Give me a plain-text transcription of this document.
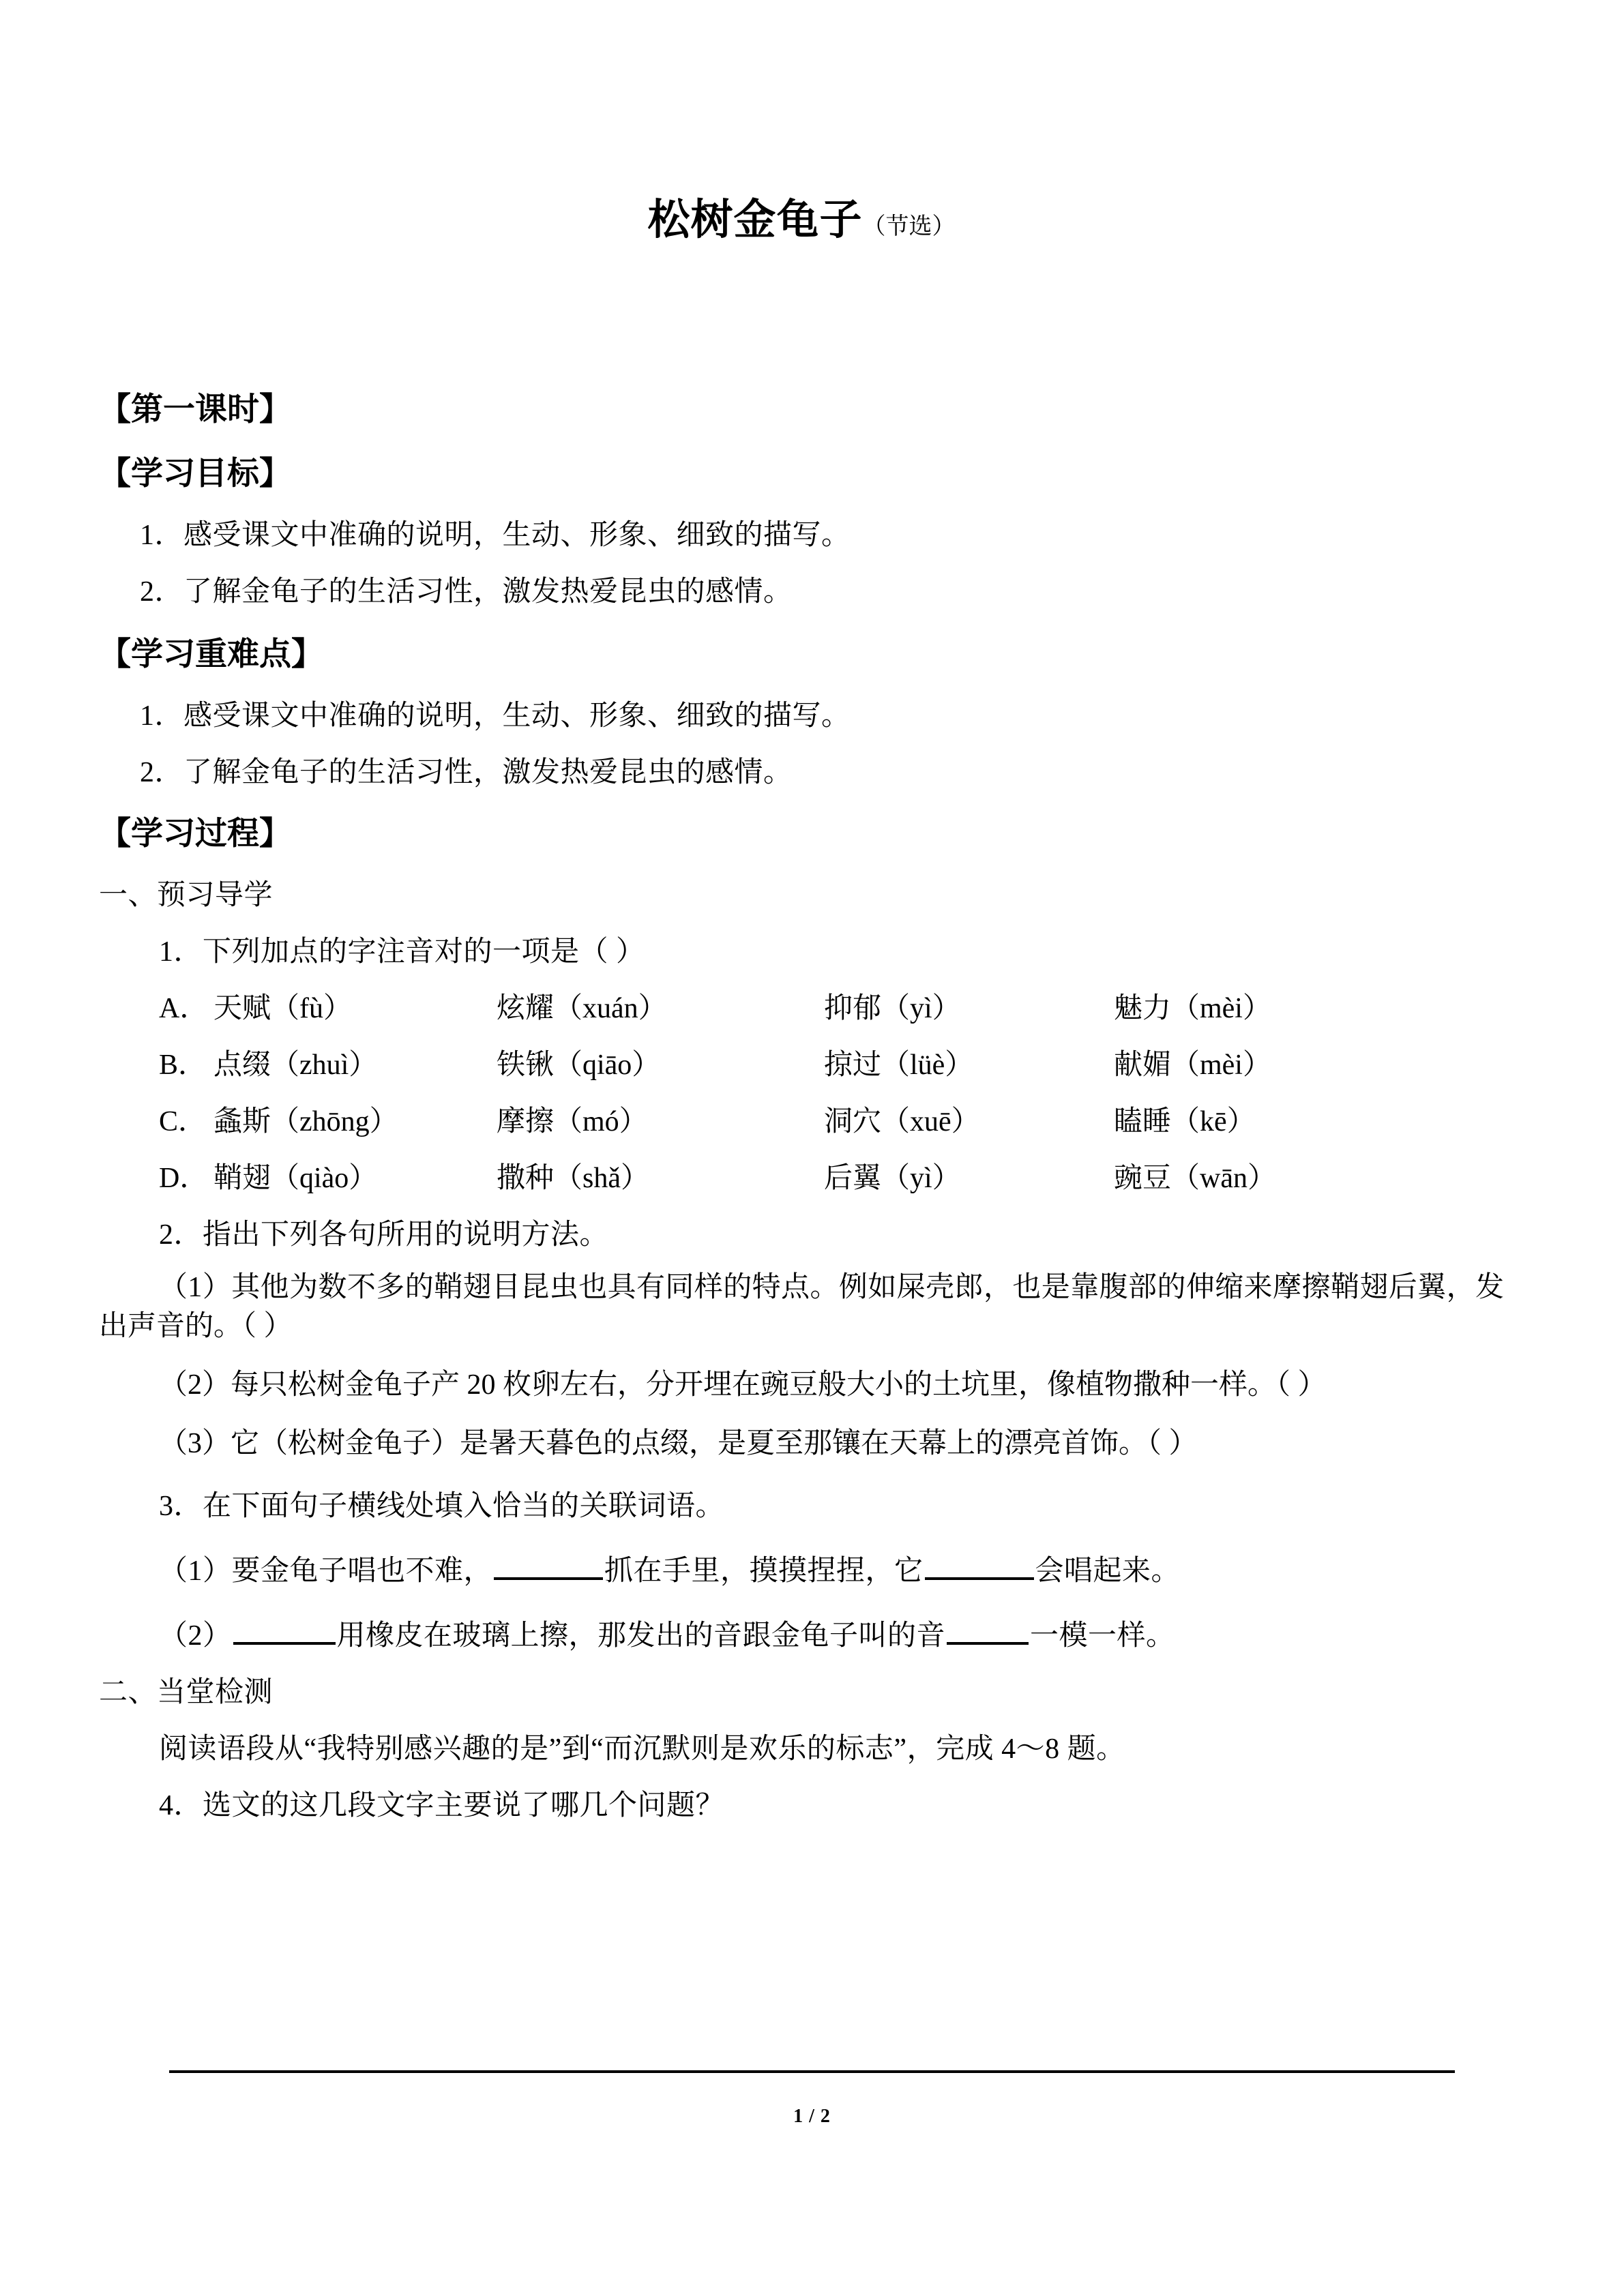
松树金龟子（节选）
【第一课时】
【学习目标】
1．感受课文中准确的说明，生动、形象、细致的描写。
2．了解金龟子的生活习性，激发热爱昆虫的感情。
【学习重难点】
1．感受课文中准确的说明，生动、形象、细致的描写。
2．了解金龟子的生活习性，激发热爱昆虫的感情。
【学习过程】
一、预习导学
1．下列加点的字注音对的一项是（ ）
A． 天赋（fù）	炫耀（xuán）	抑郁（yì）	魅力（mèi）
B． 点缀（zhuì）	铁锹（qiāo）	掠过（lüè）	献媚（mèi）
C． 螽斯（zhōng）	摩擦（mó）	洞穴（xuē）	瞌睡（kē）
D． 鞘翅（qiào）	撒种（shǎ）	后翼（yì）	豌豆（wān）
2．指出下列各句所用的说明方法。
（1）其他为数不多的鞘翅目昆虫也具有同样的特点。例如屎壳郎，也是靠腹部的伸缩来摩擦鞘翅后翼，发出声音的。（ ）
（2）每只松树金龟子产 20 枚卵左右，分开埋在豌豆般大小的土坑里，像植物撒种一样。（ ）
（3）它（松树金龟子）是暑天暮色的点缀，是夏至那镶在天幕上的漂亮首饰。（ ）
3．在下面句子横线处填入恰当的关联词语。
（1）要金龟子唱也不难，	抓在手里，摸摸捏捏，它	会唱起来。
（2）	用橡皮在玻璃上擦，那发出的音跟金龟子叫的音	一模一样。
二、当堂检测
阅读语段从“我特别感兴趣的是”到“而沉默则是欢乐的标志”，完成 4～8 题。
4．选文的这几段文字主要说了哪几个问题？
1 / 2
